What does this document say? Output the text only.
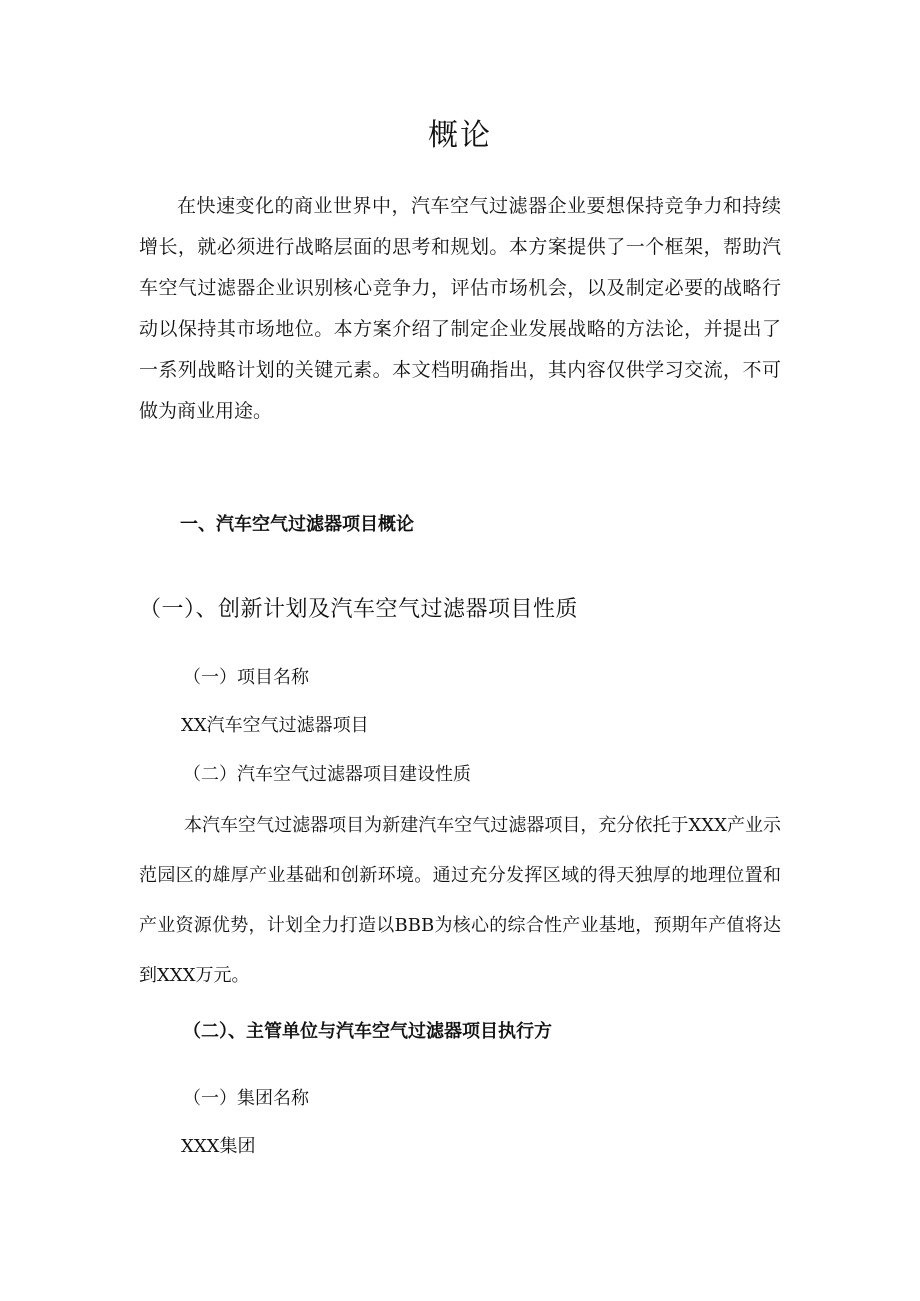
概论

在快速变化的商业世界中，汽车空气过滤器企业要想保持竞争力和持续增长，就必须进行战略层面的思考和规划。本方案提供了一个框架，帮助汽车空气过滤器企业识别核心竞争力，评估市场机会，以及制定必要的战略行动以保持其市场地位。本方案介绍了制定企业发展战略的方法论，并提出了一系列战略计划的关键元素。本文档明确指出，其内容仅供学习交流，不可做为商业用途。

一、汽车空气过滤器项目概论
（一）、创新计划及汽车空气过滤器项目性质
（一）项目名称
XX汽车空气过滤器项目
（二）汽车空气过滤器项目建设性质

本汽车空气过滤器项目为新建汽车空气过滤器项目，充分依托于XXX产业示范园区的雄厚产业基础和创新环境。通过充分发挥区域的得天独厚的地理位置和产业资源优势，计划全力打造以BBB为核心的综合性产业基地，预期年产值将达到XXX万元。

（二）、主管单位与汽车空气过滤器项目执行方
（一）集团名称
XXX集团
